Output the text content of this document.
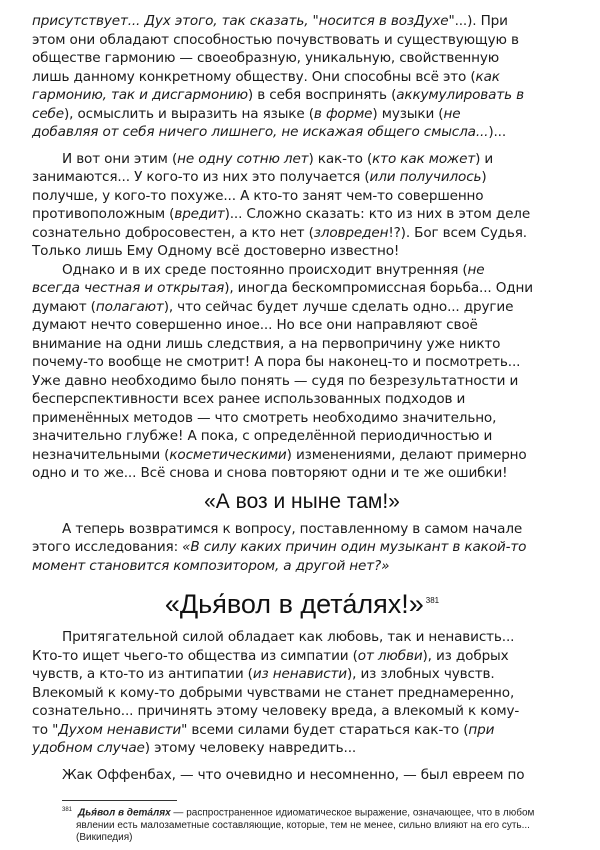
присутствует... Дух этого, так сказать, "носится в возДухе"...). При
этом они обладают способностью почувствовать и существующую в
обществе гармонию — своеобразную, уникальную, свойственную
лишь данному конкретному обществу. Они способны всё это (как
гармонию, так и дисгармонию) в себя воспринять (аккумулировать в
себе), осмыслить и выразить на языке (в форме) музыки (не
добавляя от себя ничего лишнего, не искажая общего смысла...)...
И вот они этим (не одну сотню лет) как-то (кто как может) и
занимаются... У кого-то из них это получается (или получилось)
получше, у кого-то похуже... А кто-то занят чем-то совершенно
противоположным (вредит)... Сложно сказать: кто из них в этом деле
сознательно добросовестен, а кто нет (зловреден!?). Бог всем Судья.
Только лишь Ему Одному всё достоверно известно!
Однако и в их среде постоянно происходит внутренняя (не
всегда честная и открытая), иногда бескомпромиссная борьба... Одни
думают (полагают), что сейчас будет лучше сделать одно... другие
думают нечто совершенно иное... Но все они направляют своё
внимание на одни лишь следствия, а на первопричину уже никто
почему-то вообще не смотрит! А пора бы наконец-то и посмотреть...
Уже давно необходимо было понять — судя по безрезультатности и
бесперспективности всех ранее использованных подходов и
применённых методов — что смотреть необходимо значительно,
значительно глубже! А пока, с определённой периодичностью и
незначительными (косметическими) изменениями, делают примерно
одно и то же... Всё снова и снова повторяют одни и те же ошибки!
«А воз и ныне там!»
А теперь возвратимся к вопросу, поставленному в самом начале
этого исследования: «В силу каких причин один музыкант в какой-то
момент становится композитором, а другой нет?»
«Дья́вол в дета́лях!» $^{381}$
Притягательной силой обладает как любовь, так и ненависть...
Кто-то ищет чьего-то общества из симпатии (от любви), из добрых
чувств, а кто-то из антипатии (из ненависти), из злобных чувств.
Влекомый к кому-то добрыми чувствами не станет преднамеренно,
сознательно... причинять этому человеку вреда, а влекомый к кому-
то "Духом ненависти" всеми силами будет стараться как-то (при
удобном случае) этому человеку навредить...
Жак Оффенбах, — что очевидно и несомненно, — был евреем по
$^{381}$ Дья́вол в дета́лях — распространенное идиоматическое выражение, означающее, что в любом
явлении есть малозаметные составляющие, которые, тем не менее, сильно влияют на его суть...
(Википедия)
